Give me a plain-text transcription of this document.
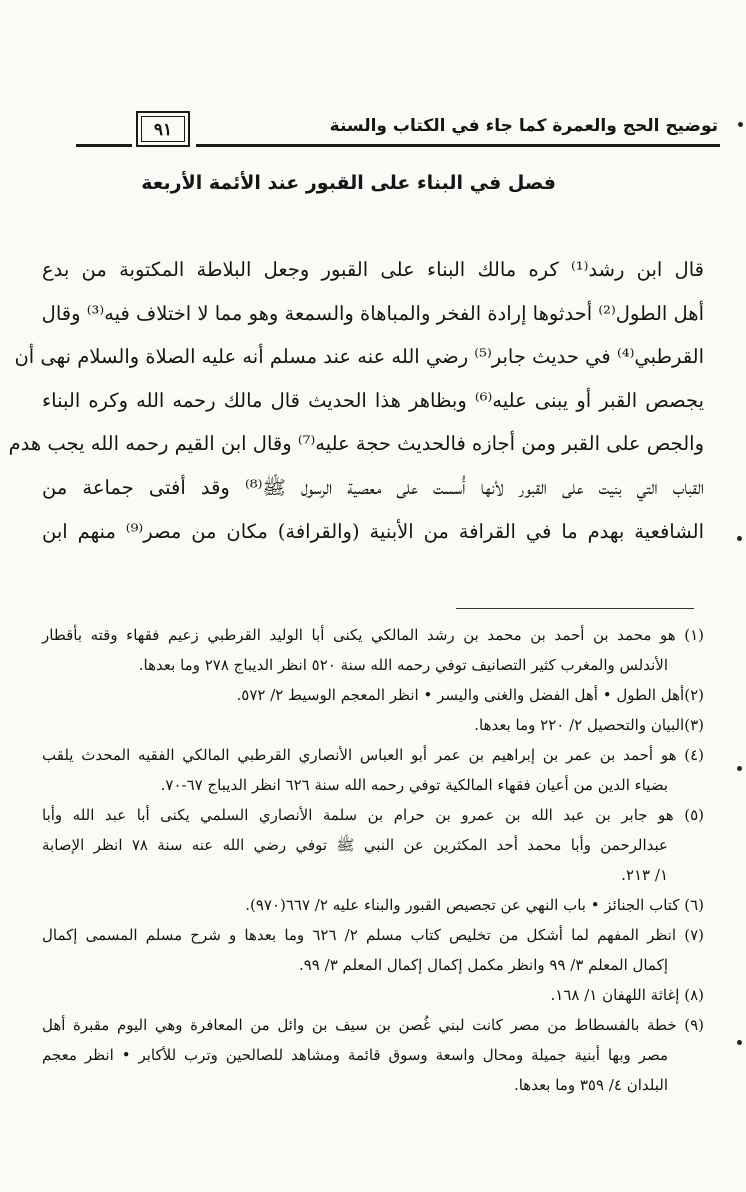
توضيح الحج والعمرة كما جاء في الكتاب والسنة
٩١
فصل في البناء على القبور عند الأئمة الأربعة
قال ابن رشد⁽¹⁾ كره مالك البناء على القبور وجعل البلاطة المكتوبة من بدع
أهل الطول⁽²⁾ أحدثوها إرادة الفخر والمباهاة والسمعة وهو مما لا اختلاف فيه⁽³⁾ وقال
القرطبي⁽⁴⁾ في حديث جابر⁽⁵⁾ رضي الله عنه عند مسلم أنه عليه الصلاة والسلام نهى أن
يجصص القبر أو يبنى عليه⁽⁶⁾ وبظاهر هذا الحديث قال مالك رحمه الله وكره البناء
والجص على القبر ومن أجازه فالحديث حجة عليه⁽⁷⁾ وقال ابن القيم رحمه الله يجب هدم
القباب التي بنيت على القبور لأنها أُسست على معصية الرسول ﷺ⁽⁸⁾ وقد أفتى جماعة من
الشافعية بهدم ما في القرافة من الأبنية (والقرافة) مكان من مصر⁽⁹⁾ منهم ابن
(١) هو محمد بن أحمد بن محمد بن رشد المالكي يكنى أبا الوليد القرطبي زعيم فقهاء وقته بأقطار
الأندلس والمغرب كثير التصانيف توفي رحمه الله سنة ٥٢٠ انظر الديباج ٢٧٨ وما بعدها.
(٢)أهل الطول • أهل الفضل والغنى واليسر • انظر المعجم الوسيط ٢/ ٥٧٢.
(٣)البيان والتحصيل ٢/ ٢٢٠ وما بعدها.
(٤) هو أحمد بن عمر بن إبراهيم بن عمر أبو العباس الأنصاري القرطبي المالكي الفقيه المحدث يلقب
بضياء الدين من أعيان فقهاء المالكية توفي رحمه الله سنة ٦٢٦ انظر الديباج ٦٧-٧٠.
(٥) هو جابر بن عبد الله بن عمرو بن حرام بن سلمة الأنصاري السلمي يكنى أبا عبد الله وأبا
عبدالرحمن وأبا محمد أحد المكثرين عن النبي ﷺ توفي رضي الله عنه سنة ٧٨ انظر الإصابة
١/ ٢١٣.
(٦) كتاب الجنائز • باب النهي عن تجصيص القبور والبناء عليه ٢/ ٦٦٧(٩٧٠).
(٧) انظر المفهم لما أشكل من تخليص كتاب مسلم ٢/ ٦٢٦ وما بعدها و شرح مسلم المسمى إكمال
إكمال المعلم ٣/ ٩٩ وانظر مكمل إكمال إكمال المعلم ٣/ ٩٩.
(٨) إغاثة اللهفان ١/ ١٦٨.
(٩) خطة بالفسطاط من مصر كانت لبني غُصن بن سيف بن وائل من المعافرة وهي اليوم مقبرة أهل
مصر وبها أبنية جميلة ومحال واسعة وسوق قائمة ومشاهد للصالحين وترب للأكابر • انظر معجم
البلدان ٤/ ٣٥٩ وما بعدها.
